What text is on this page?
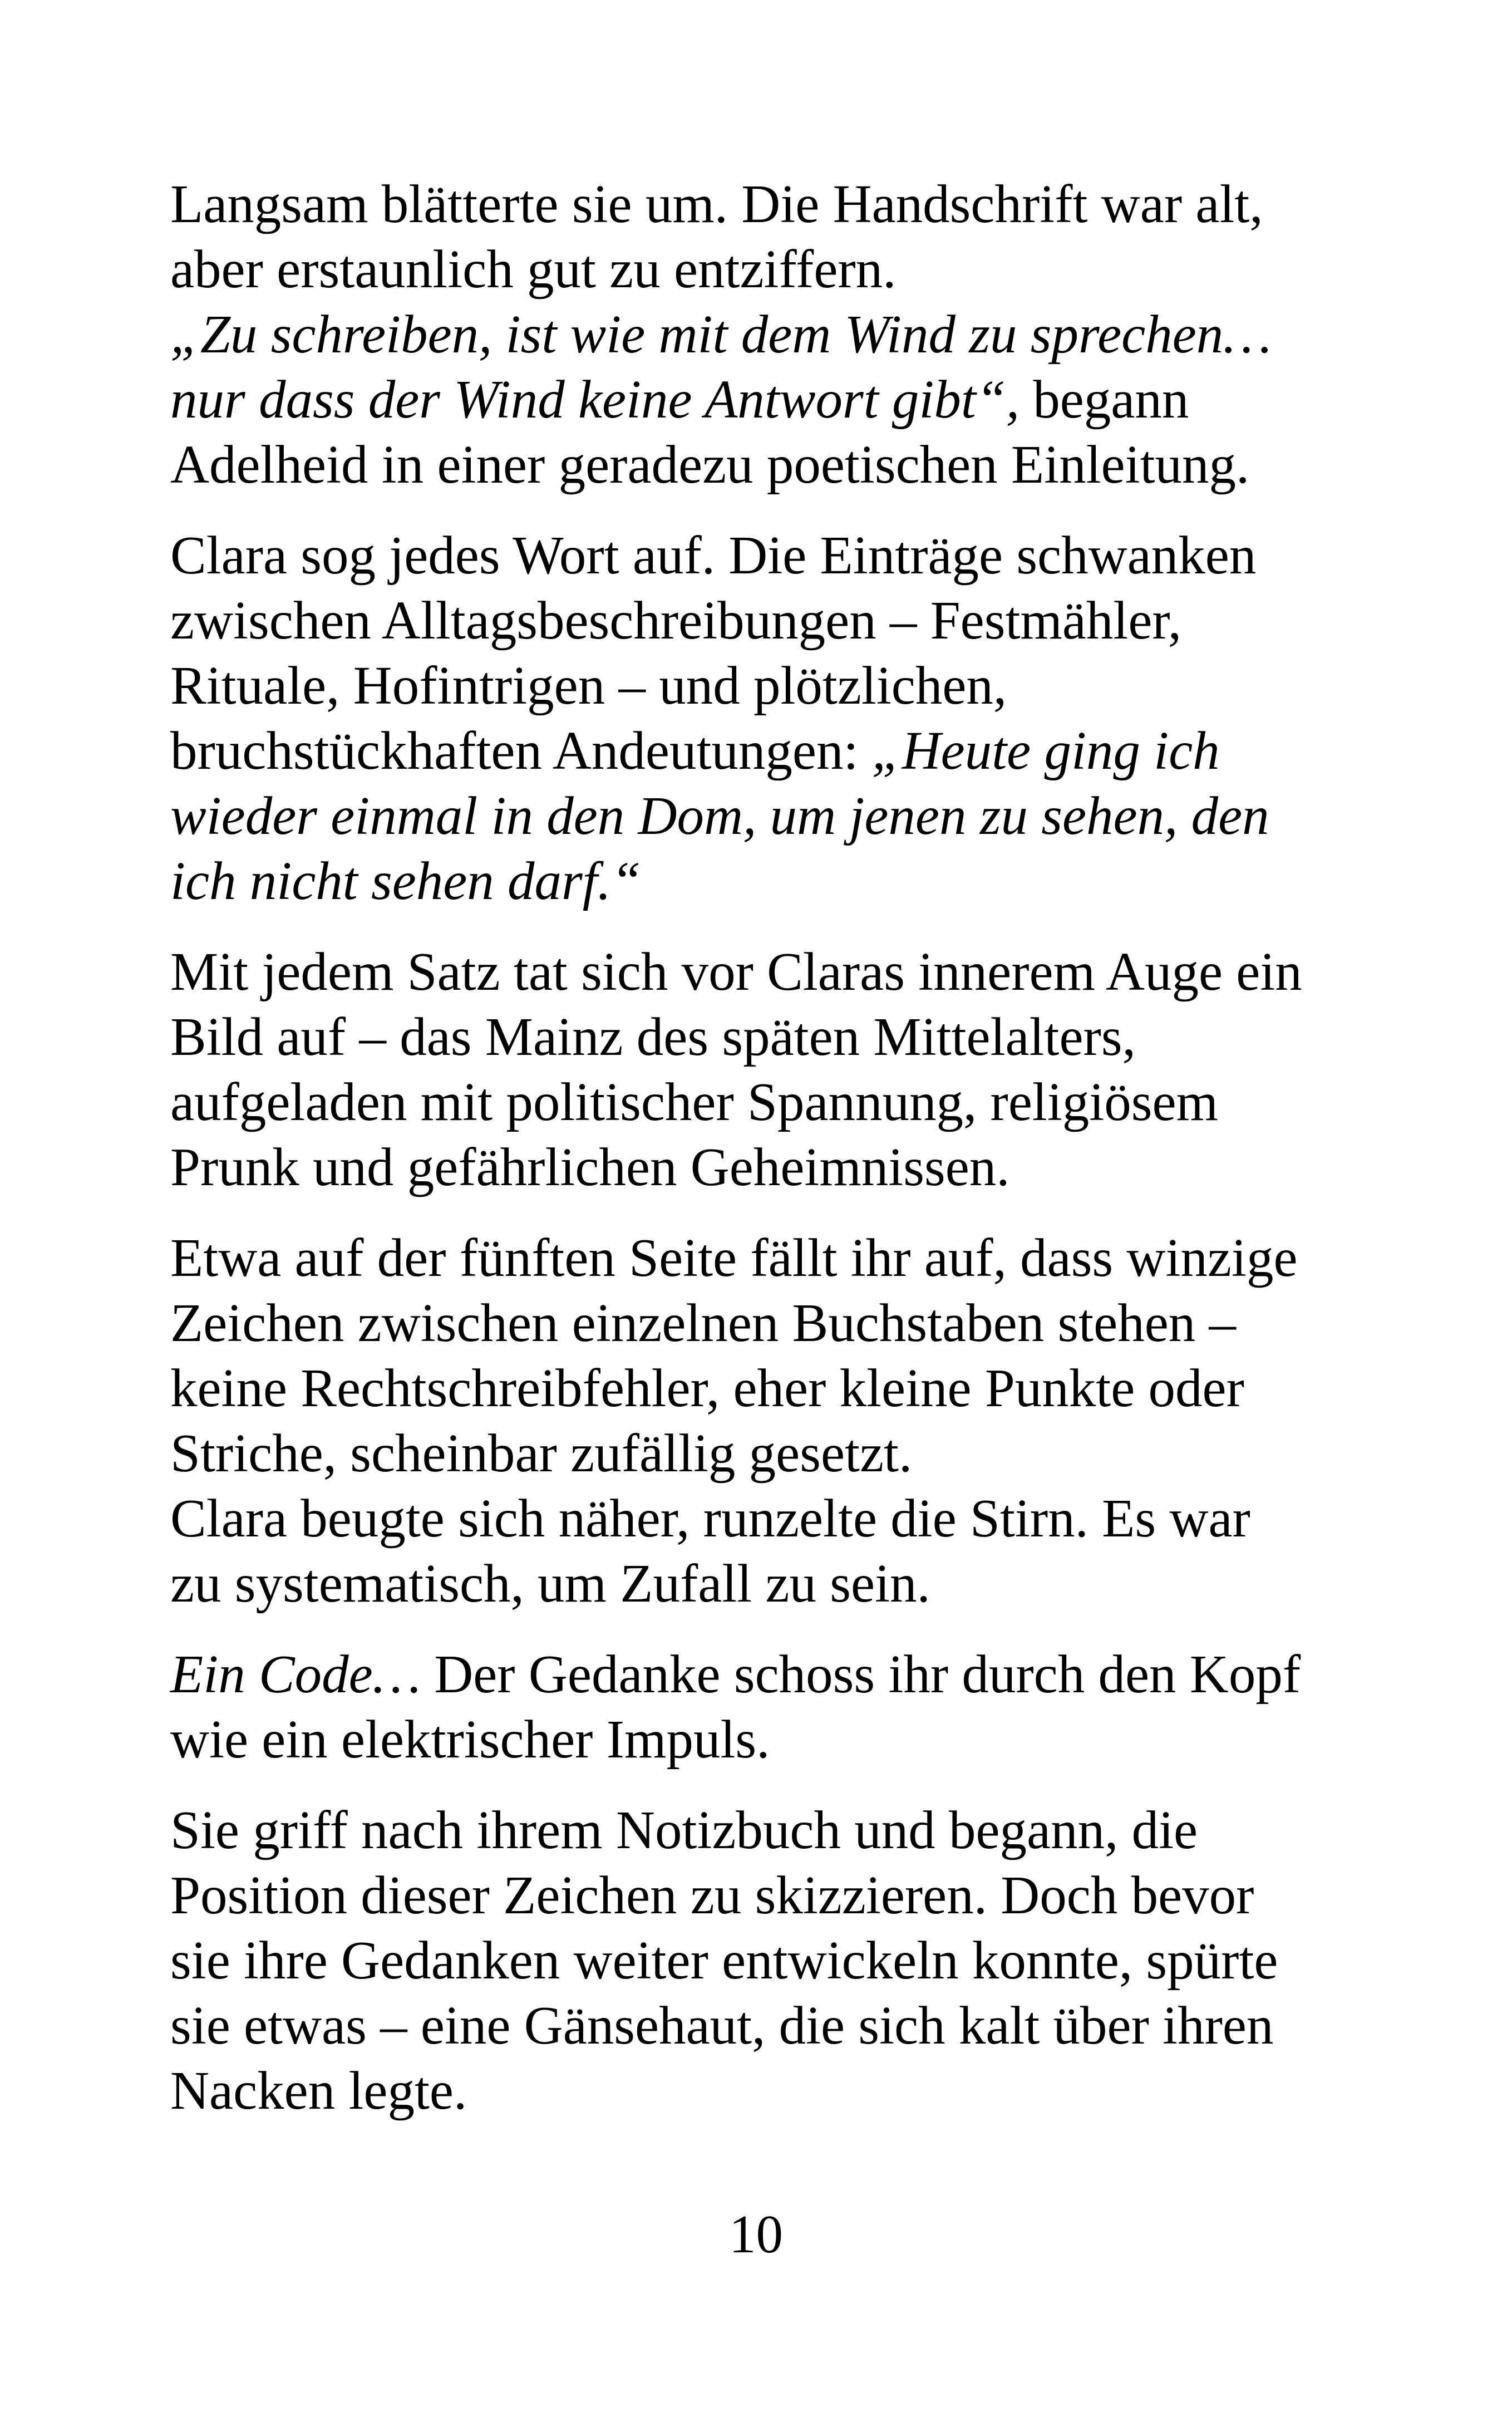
Langsam blätterte sie um. Die Handschrift war alt,
aber erstaunlich gut zu entziffern.
„Zu schreiben, ist wie mit dem Wind zu sprechen…
nur dass der Wind keine Antwort gibt“, begann
Adelheid in einer geradezu poetischen Einleitung.
Clara sog jedes Wort auf. Die Einträge schwanken
zwischen Alltagsbeschreibungen – Festmähler,
Rituale, Hofintrigen – und plötzlichen,
bruchstückhaften Andeutungen: „Heute ging ich
wieder einmal in den Dom, um jenen zu sehen, den
ich nicht sehen darf.“
Mit jedem Satz tat sich vor Claras innerem Auge ein
Bild auf – das Mainz des späten Mittelalters,
aufgeladen mit politischer Spannung, religiösem
Prunk und gefährlichen Geheimnissen.
Etwa auf der fünften Seite fällt ihr auf, dass winzige
Zeichen zwischen einzelnen Buchstaben stehen –
keine Rechtschreibfehler, eher kleine Punkte oder
Striche, scheinbar zufällig gesetzt.
Clara beugte sich näher, runzelte die Stirn. Es war
zu systematisch, um Zufall zu sein.
Ein Code… Der Gedanke schoss ihr durch den Kopf
wie ein elektrischer Impuls.
Sie griff nach ihrem Notizbuch und begann, die
Position dieser Zeichen zu skizzieren. Doch bevor
sie ihre Gedanken weiter entwickeln konnte, spürte
sie etwas – eine Gänsehaut, die sich kalt über ihren
Nacken legte.
10
